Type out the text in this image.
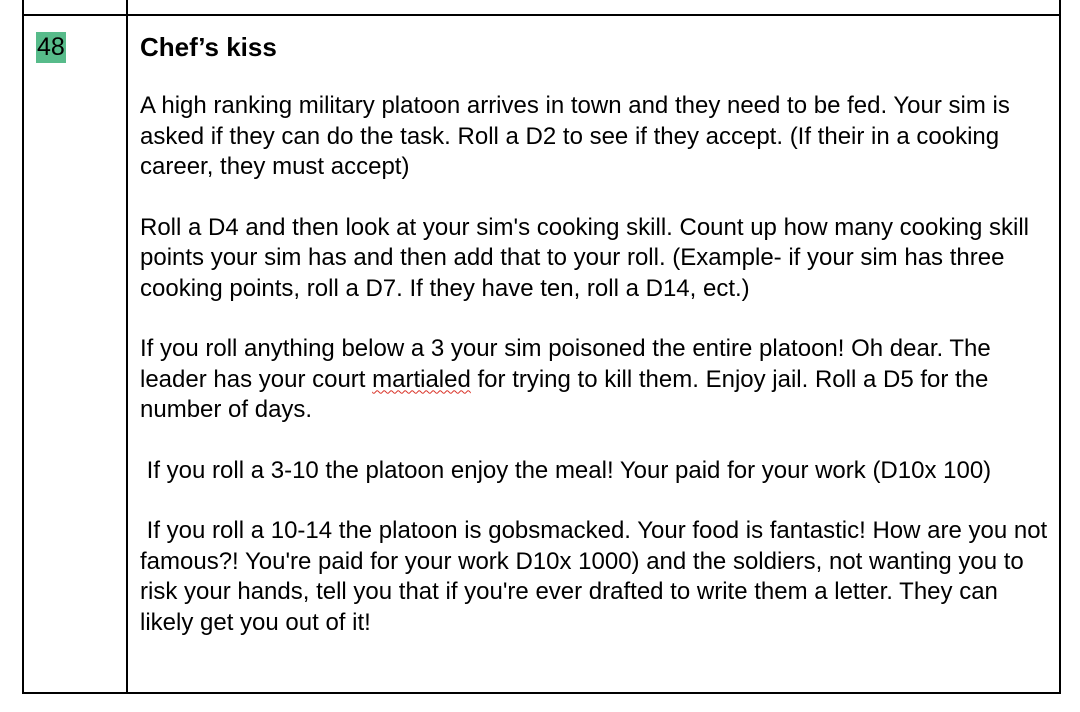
48	Chef’s kiss
A high ranking military platoon arrives in town and they need to be fed. Your sim is asked if they can do the task. Roll a D2 to see if they accept. (If their in a cooking career, they must accept)
Roll a D4 and then look at your sim's cooking skill. Count up how many cooking skill points your sim has and then add that to your roll. (Example- if your sim has three cooking points, roll a D7. If they have ten, roll a D14, ect.)
If you roll anything below a 3 your sim poisoned the entire platoon! Oh dear. The leader has your court martialed for trying to kill them. Enjoy jail. Roll a D5 for the number of days.
If you roll a 3-10 the platoon enjoy the meal! Your paid for your work (D10x 100)
If you roll a 10-14 the platoon is gobsmacked. Your food is fantastic! How are you not famous?! You're paid for your work D10x 1000) and the soldiers, not wanting you to risk your hands, tell you that if you're ever drafted to write them a letter. They can likely get you out of it!
